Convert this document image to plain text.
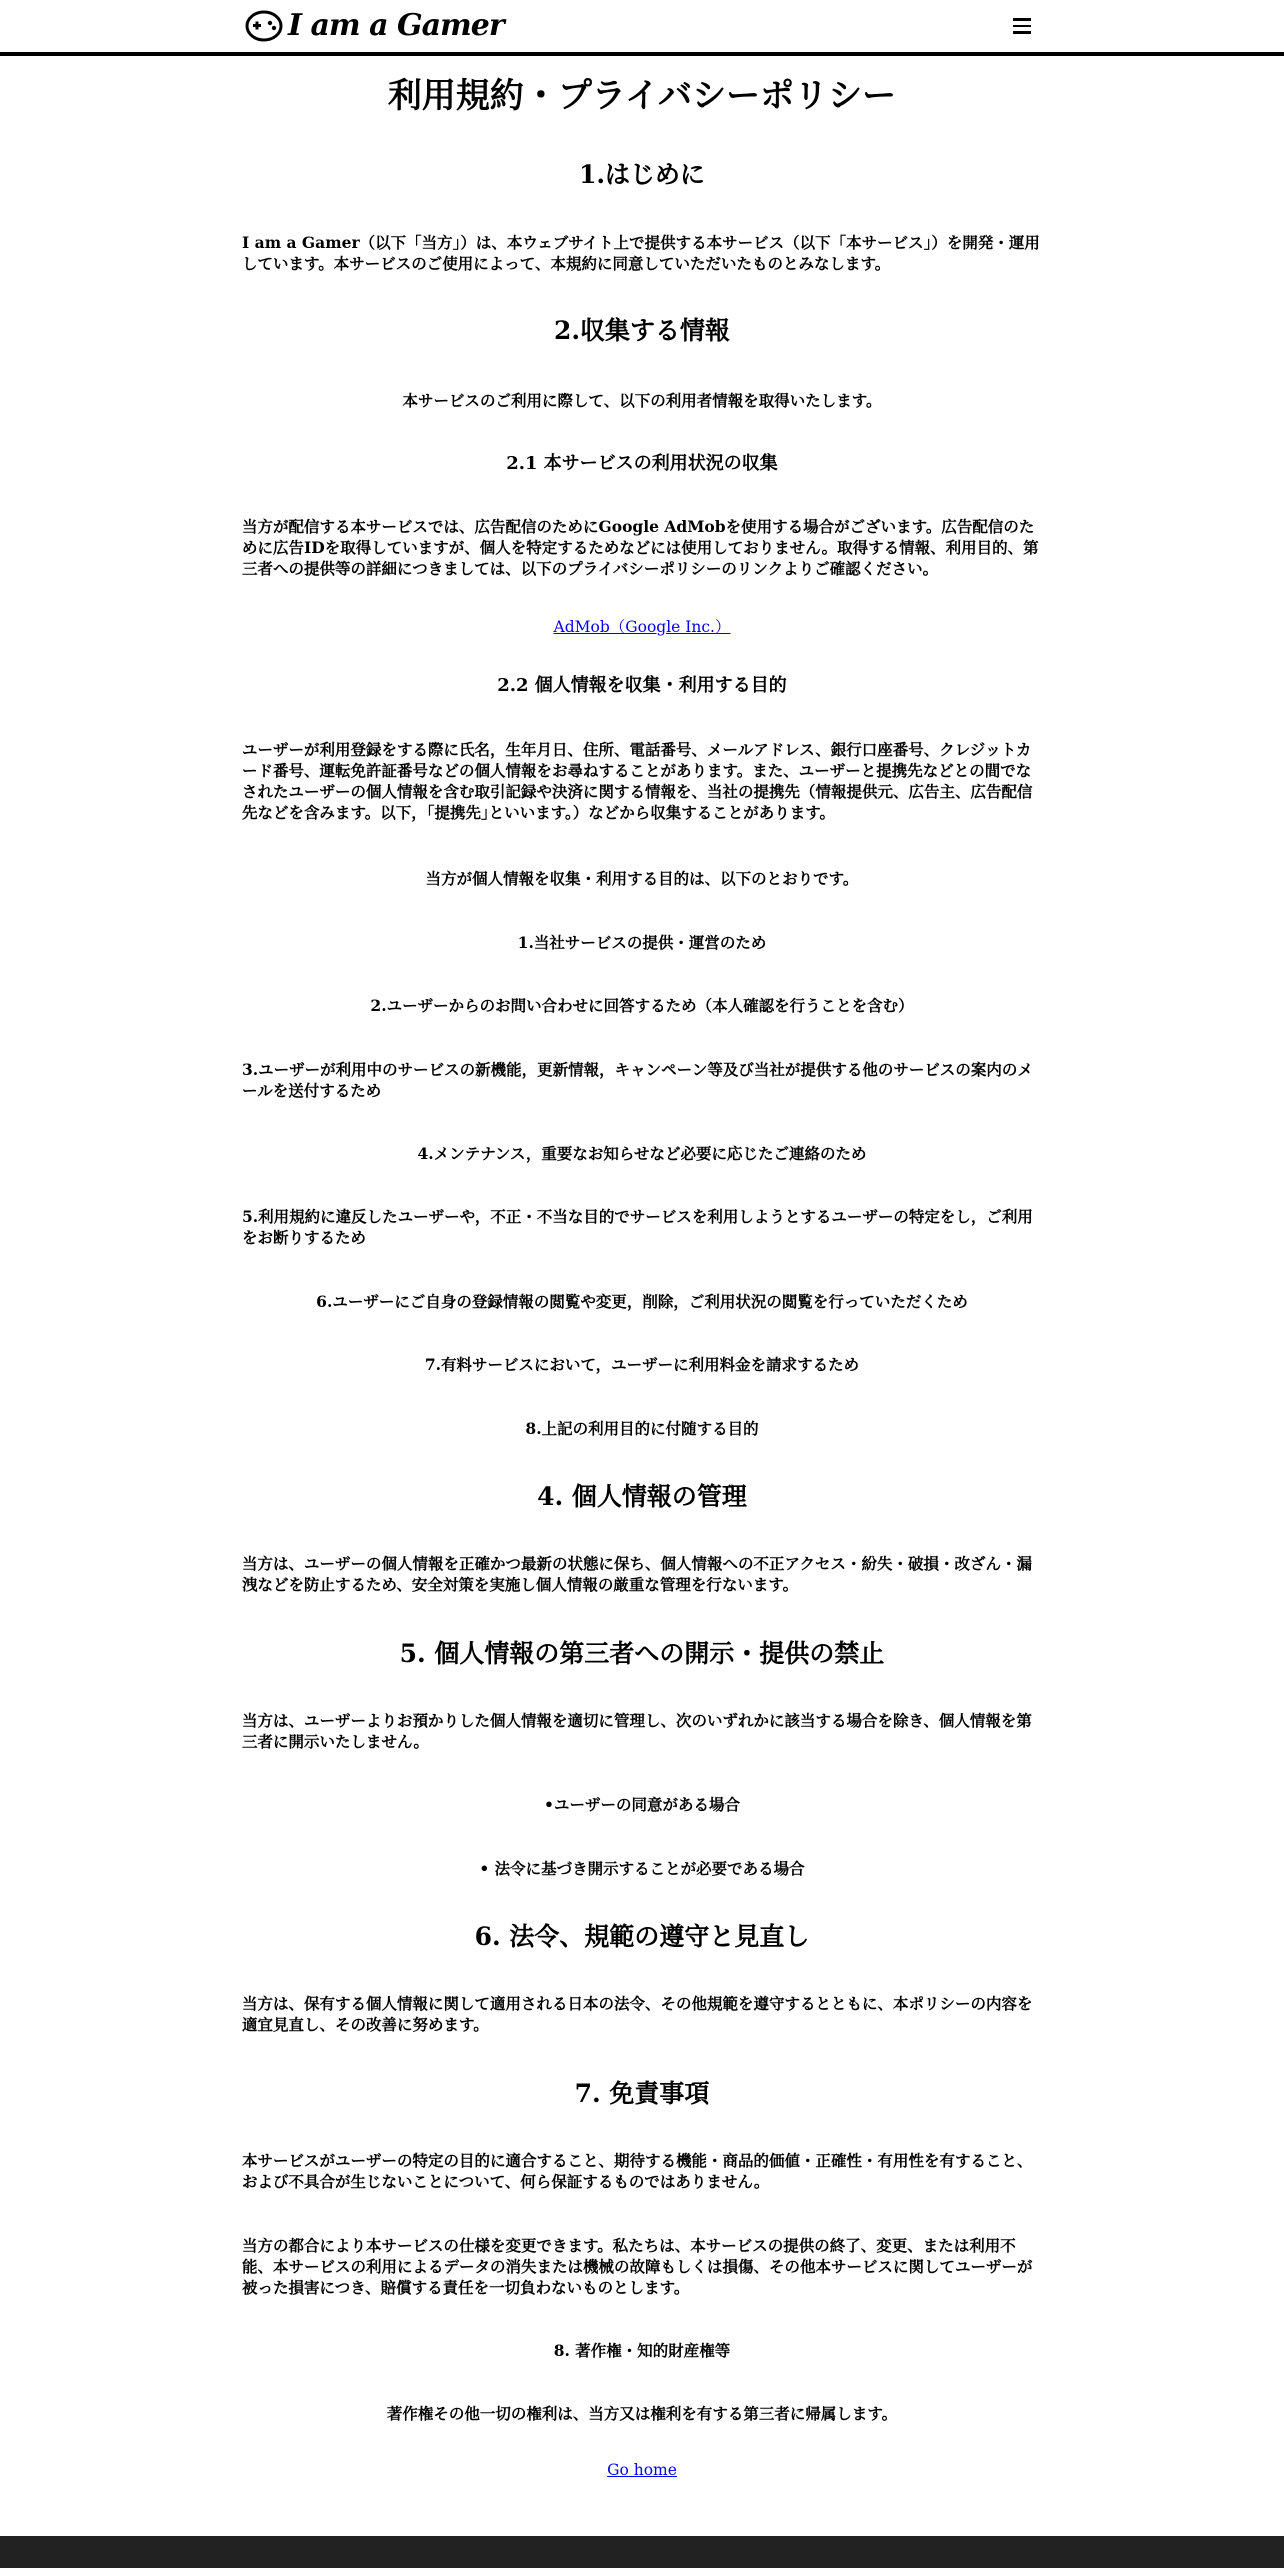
I am a Gamer
利用規約・プライバシーポリシー
1.はじめに
I am a Gamer（以下「当方」）は、本ウェブサイト上で提供する本サービス（以下「本サービス」）を開発・運用しています。本サービスのご使用によって、本規約に同意していただいたものとみなします。
2.収集する情報
本サービスのご利用に際して、以下の利用者情報を取得いたします。
2.1 本サービスの利用状況の収集
当方が配信する本サービスでは、広告配信のためにGoogle AdMobを使用する場合がございます。広告配信のために広告IDを取得していますが、個人を特定するためなどには使用しておりません。取得する情報、利用目的、第三者への提供等の詳細につきましては、以下のプライバシーポリシーのリンクよりご確認ください。
AdMob（Google Inc.）
2.2 個人情報を収集・利用する目的
ユーザーが利用登録をする際に氏名，生年月日、住所、電話番号、メールアドレス、銀行口座番号、クレジットカード番号、運転免許証番号などの個人情報をお尋ねすることがあります。また、ユーザーと提携先などとの間でなされたユーザーの個人情報を含む取引記録や決済に関する情報を、当社の提携先（情報提供元、広告主、広告配信先などを含みます。以下，｢提携先｣といいます。）などから収集することがあります。
当方が個人情報を収集・利用する目的は、以下のとおりです。
1.当社サービスの提供・運営のため
2.ユーザーからのお問い合わせに回答するため（本人確認を行うことを含む）
3.ユーザーが利用中のサービスの新機能，更新情報，キャンペーン等及び当社が提供する他のサービスの案内のメールを送付するため
4.メンテナンス，重要なお知らせなど必要に応じたご連絡のため
5.利用規約に違反したユーザーや，不正・不当な目的でサービスを利用しようとするユーザーの特定をし，ご利用をお断りするため
6.ユーザーにご自身の登録情報の閲覧や変更，削除，ご利用状況の閲覧を行っていただくため
7.有料サービスにおいて，ユーザーに利用料金を請求するため
8.上記の利用目的に付随する目的
4. 個人情報の管理
当方は、ユーザーの個人情報を正確かつ最新の状態に保ち、個人情報への不正アクセス・紛失・破損・改ざん・漏洩などを防止するため、安全対策を実施し個人情報の厳重な管理を行ないます。
5. 個人情報の第三者への開示・提供の禁止
当方は、ユーザーよりお預かりした個人情報を適切に管理し、次のいずれかに該当する場合を除き、個人情報を第三者に開示いたしません。
•ユーザーの同意がある場合
• 法令に基づき開示することが必要である場合
6. 法令、規範の遵守と見直し
当方は、保有する個人情報に関して適用される日本の法令、その他規範を遵守するとともに、本ポリシーの内容を適宜見直し、その改善に努めます。
7. 免責事項
本サービスがユーザーの特定の目的に適合すること、期待する機能・商品的価値・正確性・有用性を有すること、および不具合が生じないことについて、何ら保証するものではありません。
当方の都合により本サービスの仕様を変更できます。私たちは、本サービスの提供の終了、変更、または利用不能、本サービスの利用によるデータの消失または機械の故障もしくは損傷、その他本サービスに関してユーザーが被った損害につき、賠償する責任を一切負わないものとします。
8. 著作権・知的財産権等
著作権その他一切の権利は、当方又は権利を有する第三者に帰属します。
Go home
